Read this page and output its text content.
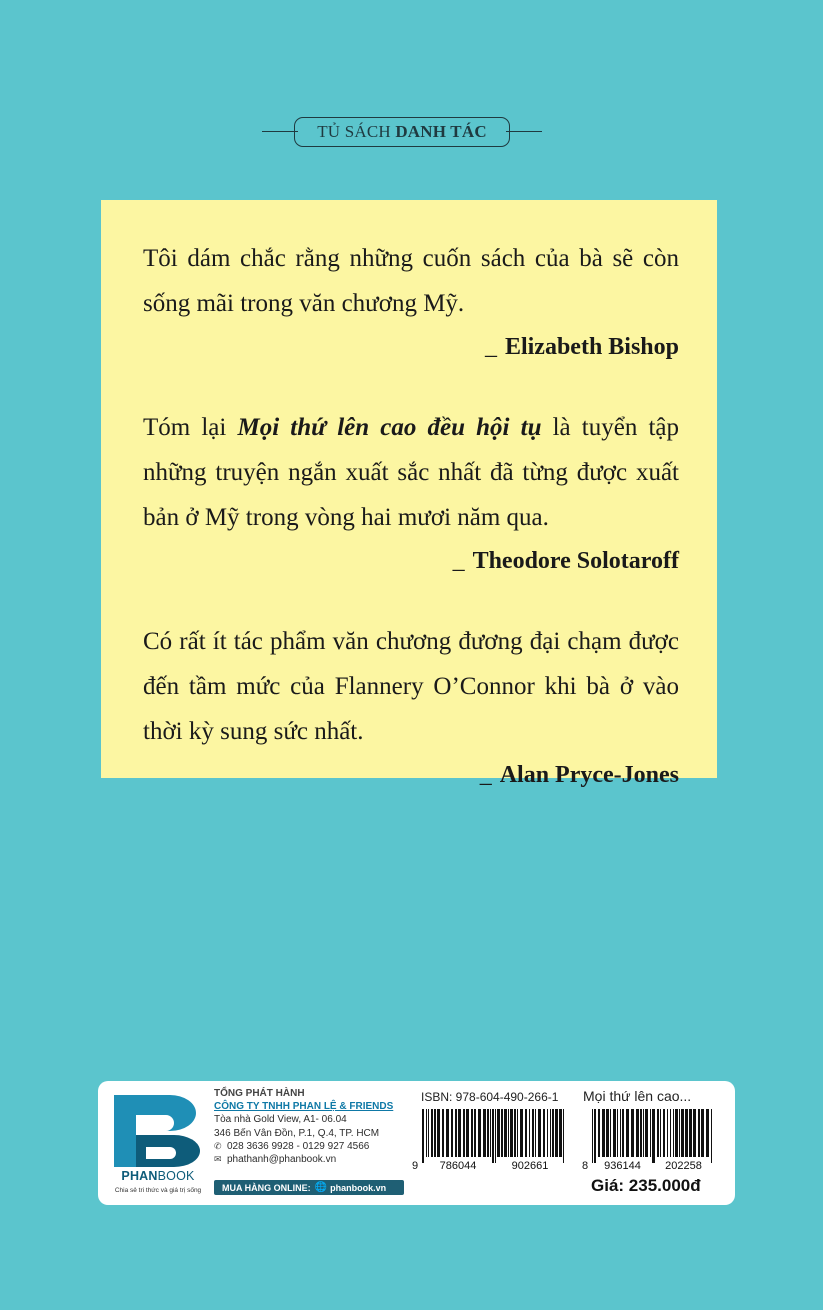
TỦ SÁCH DANH TÁC
Tôi dám chắc rằng những cuốn sách của bà sẽ còn sống mãi trong văn chương Mỹ.
_ Elizabeth Bishop
Tóm lại Mọi thứ lên cao đều hội tụ là tuyển tập những truyện ngắn xuất sắc nhất đã từng được xuất bản ở Mỹ trong vòng hai mươi năm qua.
_ Theodore Solotaroff
Có rất ít tác phẩm văn chương đương đại chạm được đến tầm mức của Flannery O’Connor khi bà ở vào thời kỳ sung sức nhất.
_ Alan Pryce-Jones
PHANBOOK
Chia sẻ tri thức và giá trị sống
TỔNG PHÁT HÀNH
CÔNG TY TNHH PHAN LỆ & FRIENDS
Tòa nhà Gold View, A1- 06.04
346 Bến Vân Đồn, P.1, Q.4, TP. HCM
✆ 028 3636 9928 - 0129 927 4566
✉ phathanh@phanbook.vn
MUA HÀNG ONLINE: 🌐 phanbook.vn
ISBN: 978-604-490-266-1
9 786044	902661
Mọi thứ lên cao...
8 936144 202258
Giá: 235.000đ
